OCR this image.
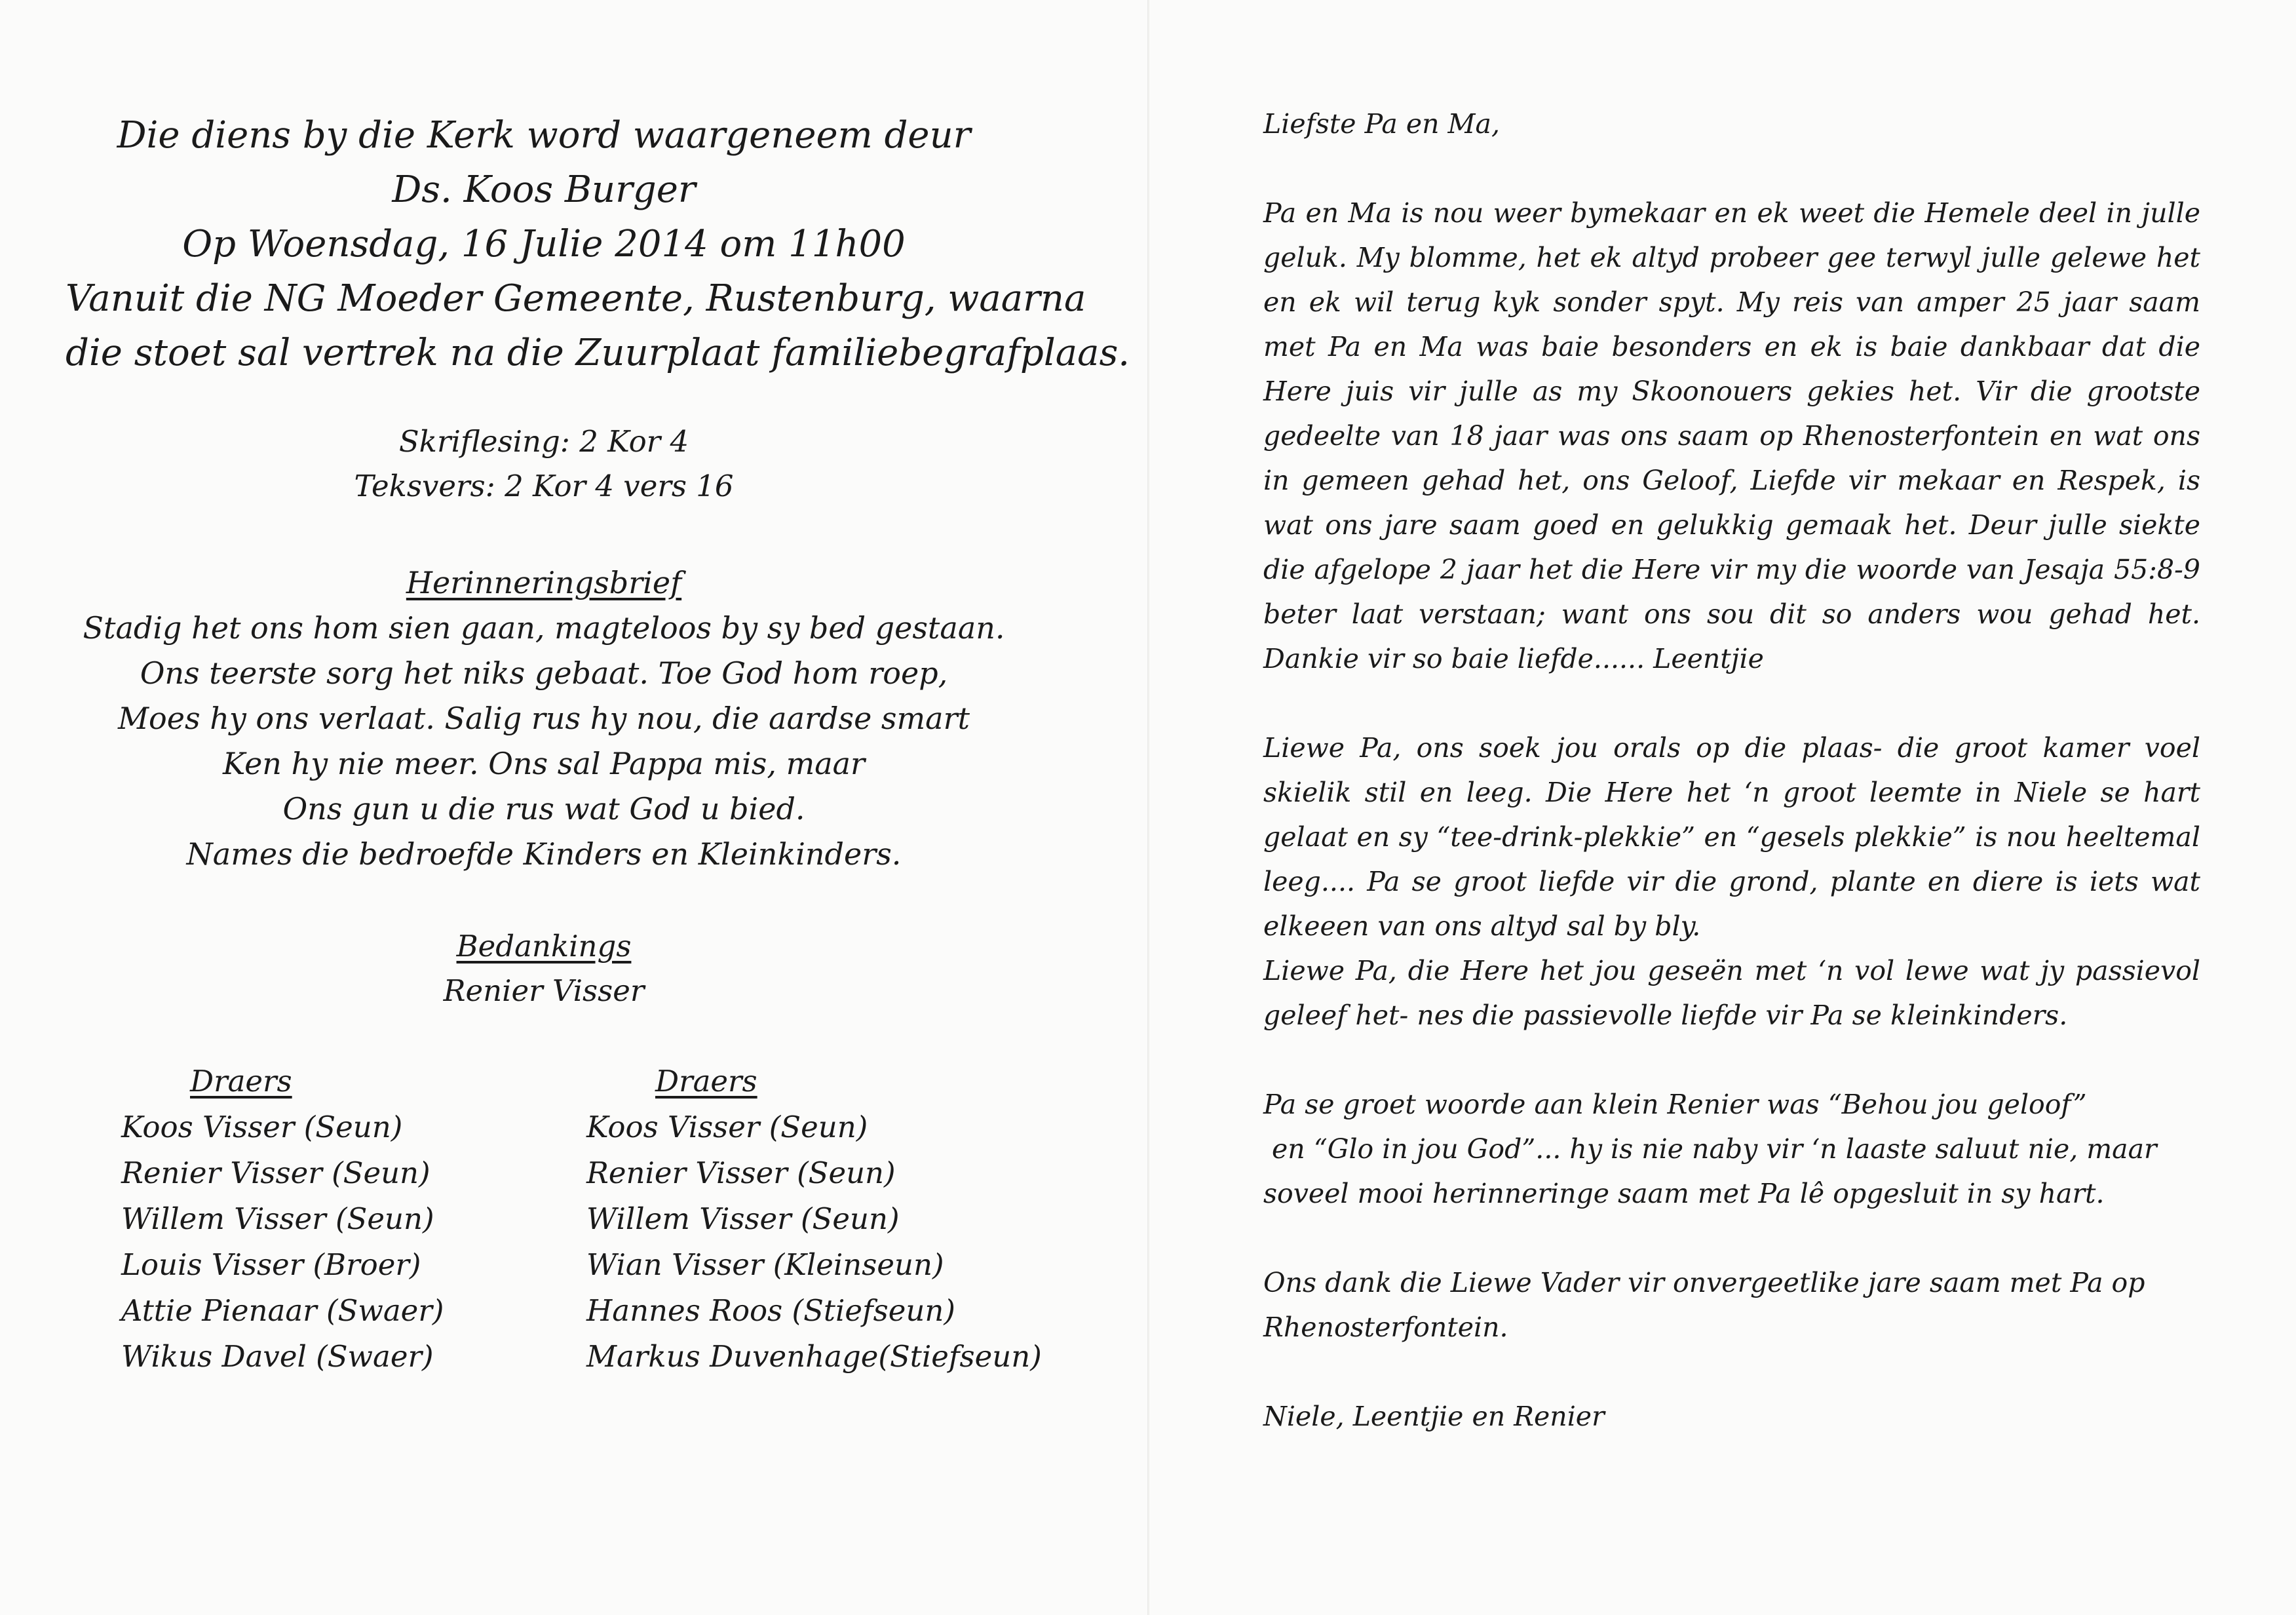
Die diens by die Kerk word waargeneem deur
Ds. Koos Burger
Op Woensdag, 16 Julie 2014 om 11h00
Vanuit die NG Moeder Gemeente, Rustenburg, waarna
die stoet sal vertrek na die Zuurplaat familiebegrafplaas.
Skriflesing: 2 Kor 4
Teksvers: 2 Kor 4 vers 16
Herinneringsbrief
Stadig het ons hom sien gaan, magteloos by sy bed gestaan.
Ons teerste sorg het niks gebaat. Toe God hom roep,
Moes hy ons verlaat. Salig rus hy nou, die aardse smart
Ken hy nie meer. Ons sal Pappa mis, maar
Ons gun u die rus wat God u bied.
Names die bedroefde Kinders en Kleinkinders.
Bedankings
Renier Visser
Draers
Koos Visser (Seun)
Renier Visser (Seun)
Willem Visser (Seun)
Louis Visser (Broer)
Attie Pienaar (Swaer)
Wikus Davel (Swaer)
Draers
Koos Visser (Seun)
Renier Visser (Seun)
Willem Visser (Seun)
Wian Visser (Kleinseun)
Hannes Roos (Stiefseun)
Markus Duvenhage(Stiefseun)

Liefste Pa en Ma,

Pa en Ma is nou weer bymekaar en ek weet die Hemele deel in julle geluk. My blomme, het ek altyd probeer gee terwyl julle gelewe het en ek wil terug kyk sonder spyt. My reis van amper 25 jaar saam met Pa en Ma was baie besonders en ek is baie dankbaar dat die Here juis vir julle as my Skoonouers gekies het. Vir die grootste gedeelte van 18 jaar was ons saam op Rhenosterfontein en wat ons in gemeen gehad het, ons Geloof, Liefde vir mekaar en Respek, is wat ons jare saam goed en gelukkig gemaak het. Deur julle siekte die afgelope 2 jaar het die Here vir my die woorde van Jesaja 55:8-9 beter laat verstaan; want ons sou dit so anders wou gehad het. Dankie vir so baie liefde...... Leentjie

Liewe Pa, ons soek jou orals op die plaas- die groot kamer voel skielik stil en leeg. Die Here het ‘n groot leemte in Niele se hart gelaat en sy “tee-drink-plekkie” en “gesels plekkie” is nou heeltemal leeg.... Pa se groot liefde vir die grond, plante en diere is iets wat elkeeen van ons altyd sal by bly.

Liewe Pa, die Here het jou geseën met ‘n vol lewe wat jy passievol geleef het- nes die passievolle liefde vir Pa se kleinkinders.

Pa se groet woorde aan klein Renier was “Behou jou geloof”

en “Glo in jou God”... hy is nie naby vir ‘n laaste saluut nie, maar

soveel mooi herinneringe saam met Pa lê opgesluit in sy hart.

Ons dank die Liewe Vader vir onvergeetlike jare saam met Pa op

Rhenosterfontein.

Niele, Leentjie en Renier
